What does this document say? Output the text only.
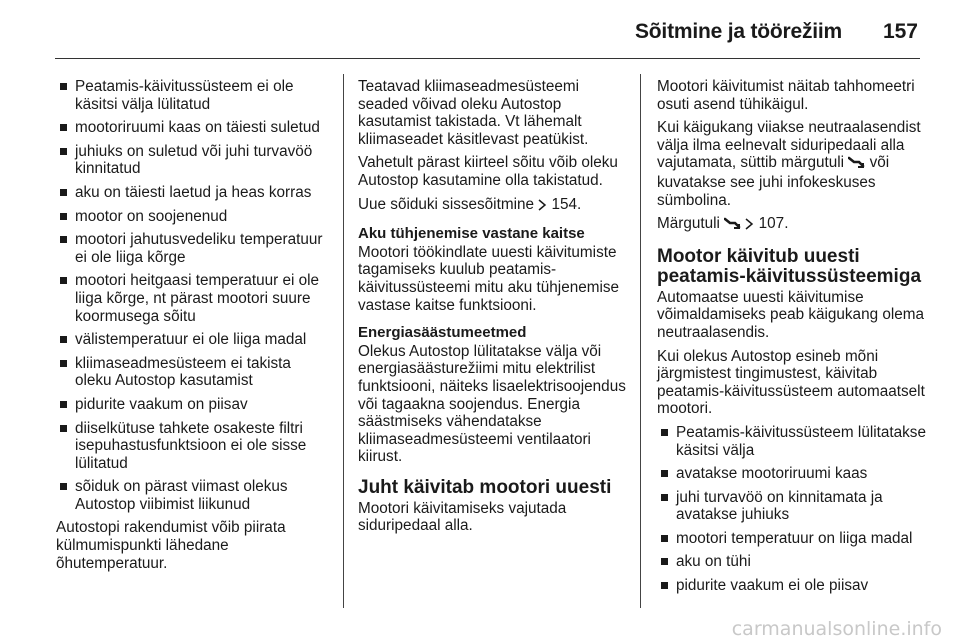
Sõitmine ja töörežiim 157
Peatamis-käivitussüsteem ei ole käsitsi välja lülitatud
mootoriruumi kaas on täiesti suletud
juhiuks on suletud või juhi turvavöö kinnitatud
aku on täiesti laetud ja heas korras
mootor on soojenenud
mootori jahutusvedeliku temperatuur ei ole liiga kõrge
mootori heitgaasi temperatuur ei ole liiga kõrge, nt pärast mootori suure koormusega sõitu
välistemperatuur ei ole liiga madal
kliimaseadmesüsteem ei takista oleku Autostop kasutamist
pidurite vaakum on piisav
diiselkütuse tahkete osakeste filtri isepuhastusfunktsioon ei ole sisse lülitatud
sõiduk on pärast viimast olekus Autostop viibimist liikunud

Autostopi rakendumist võib piirata külmumispunkti lähedane õhutemperatuur.

Teatavad kliimaseadmesüsteemi seaded võivad oleku Autostop kasutamist takistada. Vt lähemalt kliimaseadet käsitlevast peatükist.

Vahetult pärast kiirteel sõitu võib oleku Autostop kasutamine olla takistatud.

Uue sõiduki sissesõitmine 154.

Aku tühjenemise vastane kaitse

Mootori töökindlate uuesti käivitumiste tagamiseks kuulub peatamis-käivitussüsteemi mitu aku tühjenemise vastase kaitse funktsiooni.

Energiasäästumeetmed

Olekus Autostop lülitatakse välja või energiasäästurežiimi mitu elektrilist funktsiooni, näiteks lisaelektrisoojendus või tagaakna soojendus. Energia säästmiseks vähendatakse kliimaseadmesüsteemi ventilaatori kiirust.

Juht käivitab mootori uuesti

Mootori käivitamiseks vajutada siduripedaal alla.

Mootori käivitumist näitab tahhomeetri osuti asend tühikäigul.

Kui käigukang viiakse neutraalasendist välja ilma eelnevalt siduripedaali alla vajutamata, süttib märgutuli või kuvatakse see juhi infokeskuses sümbolina.

Märgutuli	107.

Mootor käivitub uuesti peatamis-käivitussüsteemiga

Automaatse uuesti käivitumise võimaldamiseks peab käigukang olema neutraalasendis.

Kui olekus Autostop esineb mõni järgmistest tingimustest, käivitab peatamis-käivitussüsteem automaatselt mootori.

Peatamis-käivitussüsteem lülitatakse käsitsi välja
avatakse mootoriruumi kaas
juhi turvavöö on kinnitamata ja avatakse juhiuks
mootori temperatuur on liiga madal
aku on tühi
pidurite vaakum ei ole piisav
carmanualsonline.info
